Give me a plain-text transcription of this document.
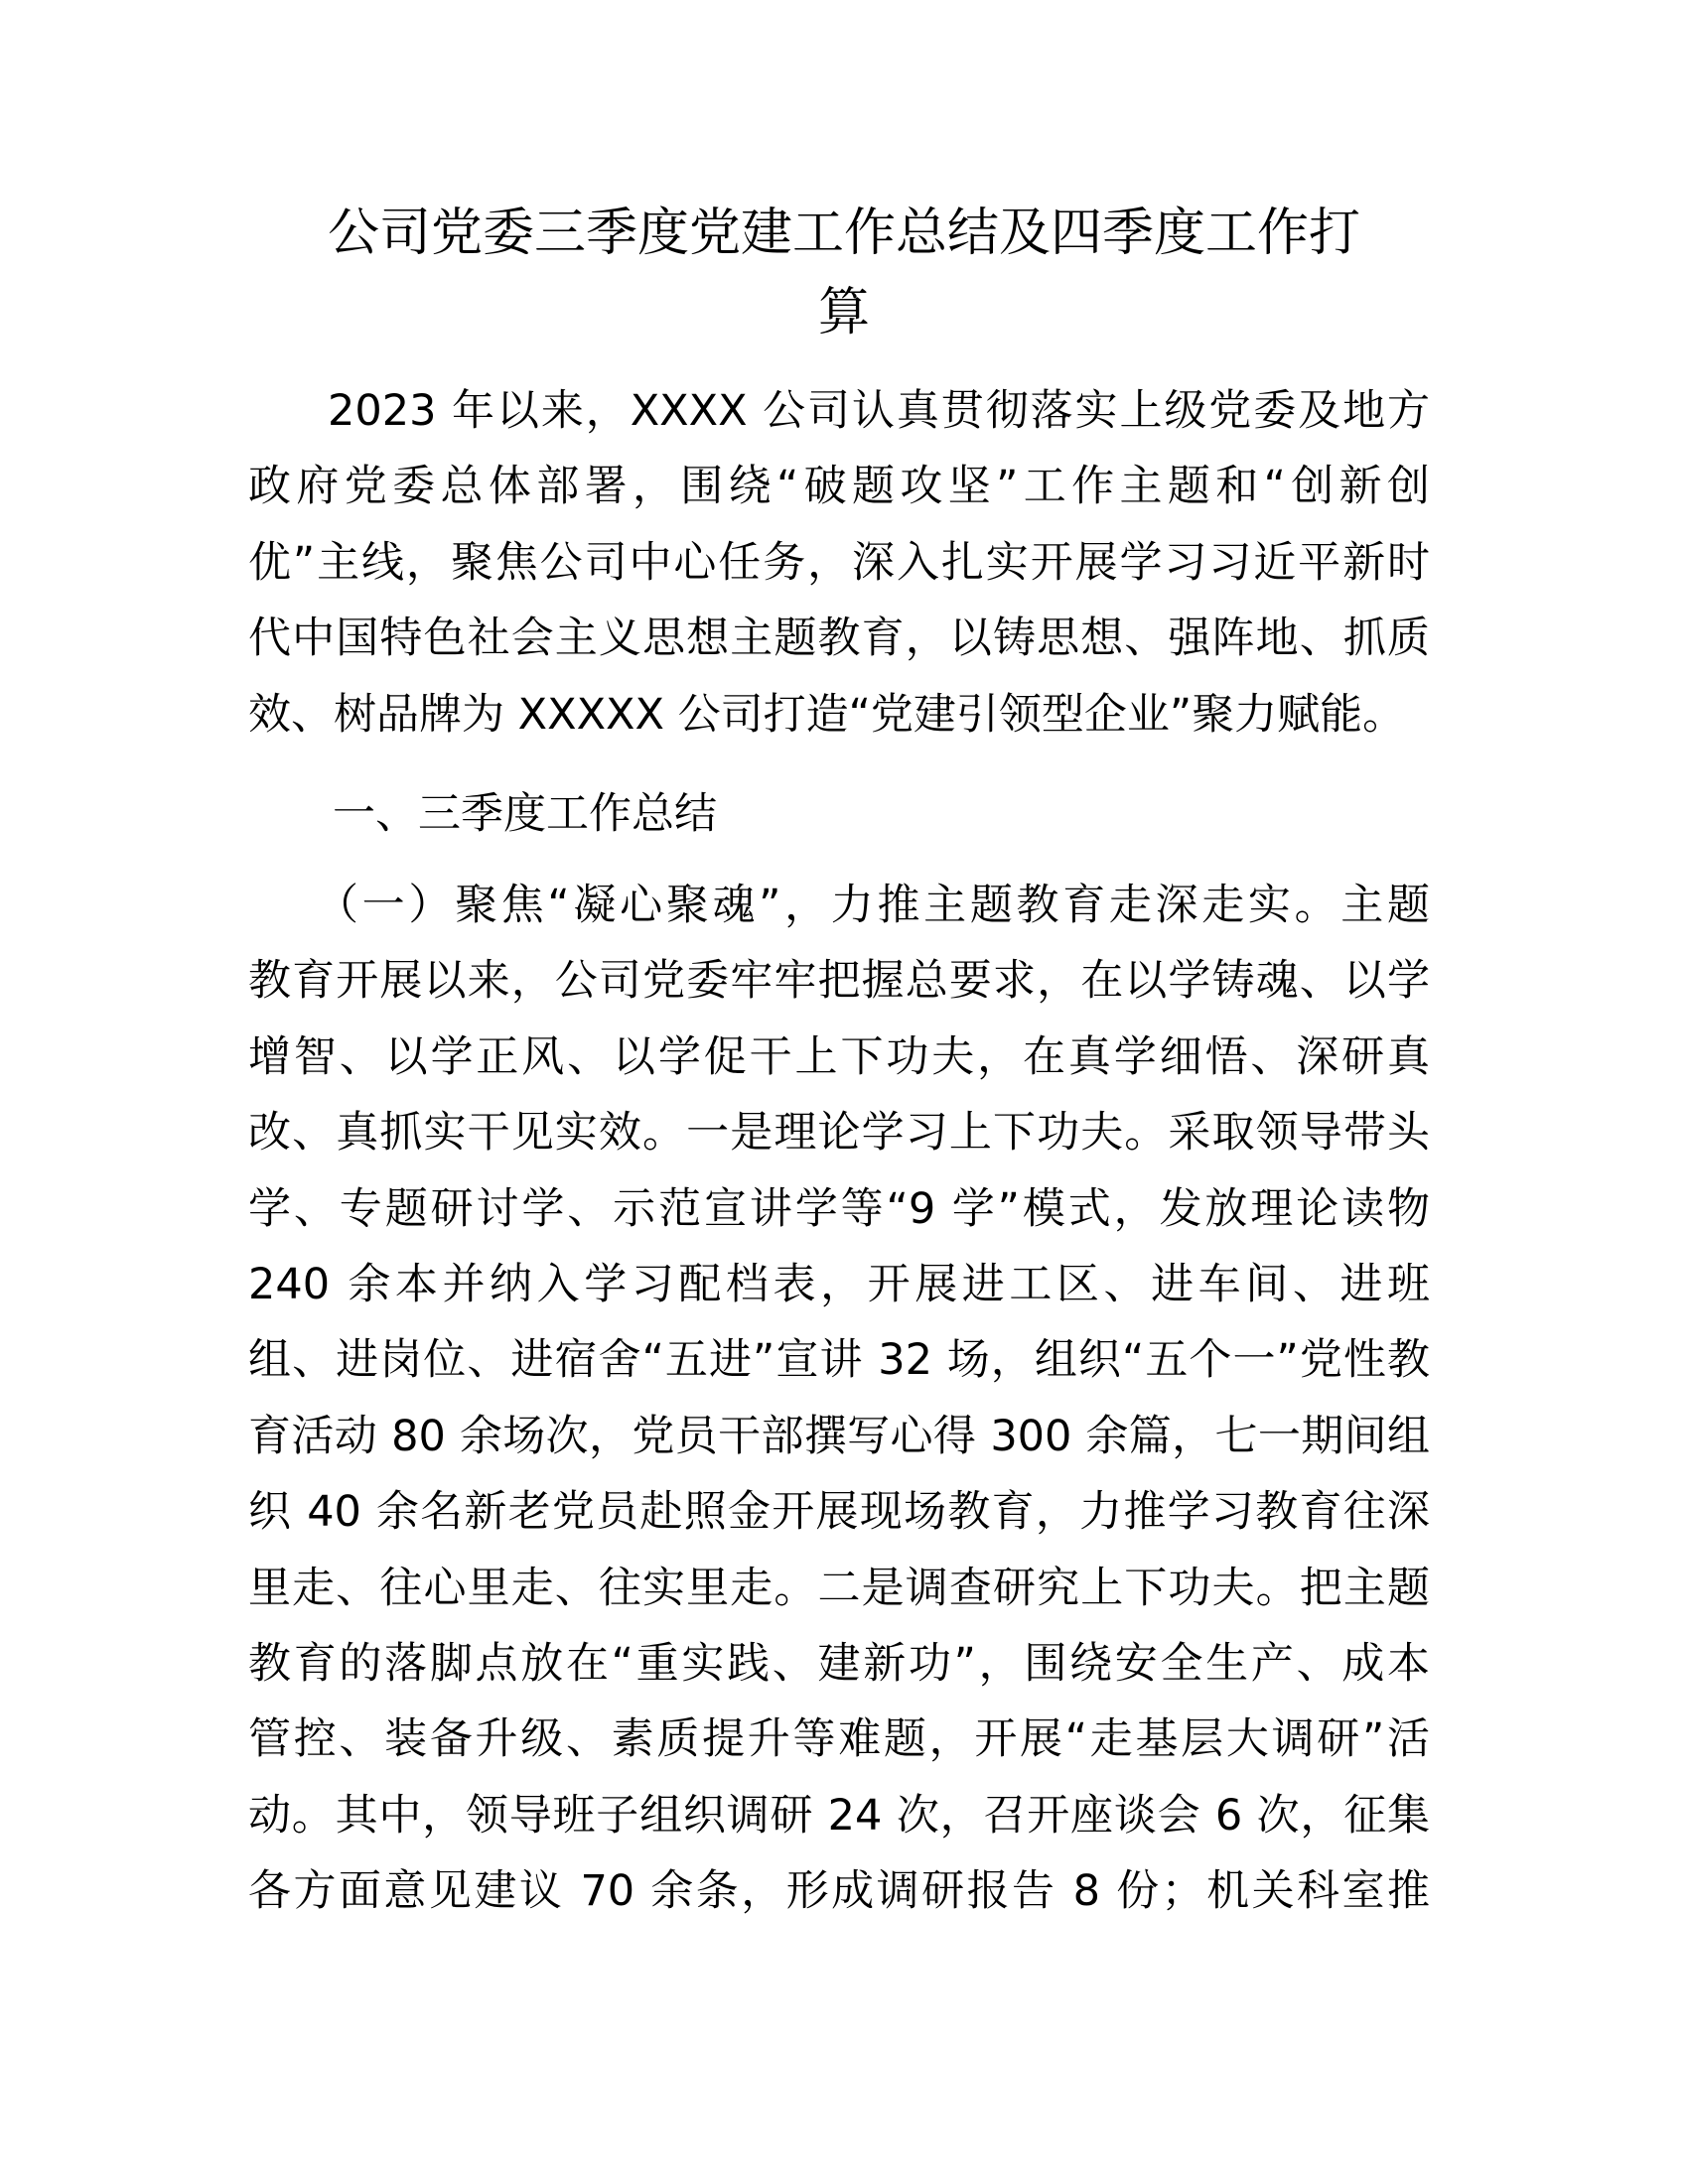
公司党委三季度党建工作总结及四季度工作打
算
2023 年以来，XXXX 公司认真贯彻落实上级党委及地方
政府党委总体部署，围绕“破题攻坚”工作主题和“创新创
优”主线，聚焦公司中心任务，深入扎实开展学习习近平新时
代中国特色社会主义思想主题教育，以铸思想、强阵地、抓质
效、树品牌为 XXXXX 公司打造“党建引领型企业”聚力赋能。
一、三季度工作总结
（一）聚焦“凝心聚魂”，力推主题教育走深走实。主题
教育开展以来，公司党委牢牢把握总要求，在以学铸魂、以学
增智、以学正风、以学促干上下功夫，在真学细悟、深研真
改、真抓实干见实效。一是理论学习上下功夫。采取领导带头
学、专题研讨学、示范宣讲学等“9 学”模式，发放理论读物
240 余本并纳入学习配档表，开展进工区、进车间、进班
组、进岗位、进宿舍“五进”宣讲 32 场，组织“五个一”党性教
育活动 80 余场次，党员干部撰写心得 300 余篇，七一期间组
织 40 余名新老党员赴照金开展现场教育，力推学习教育往深
里走、往心里走、往实里走。二是调查研究上下功夫。把主题
教育的落脚点放在“重实践、建新功”，围绕安全生产、成本
管控、装备升级、素质提升等难题，开展“走基层大调研”活
动。其中，领导班子组织调研 24 次，召开座谈会 6 次，征集
各方面意见建议 70 余条，形成调研报告 8 份；机关科室推
